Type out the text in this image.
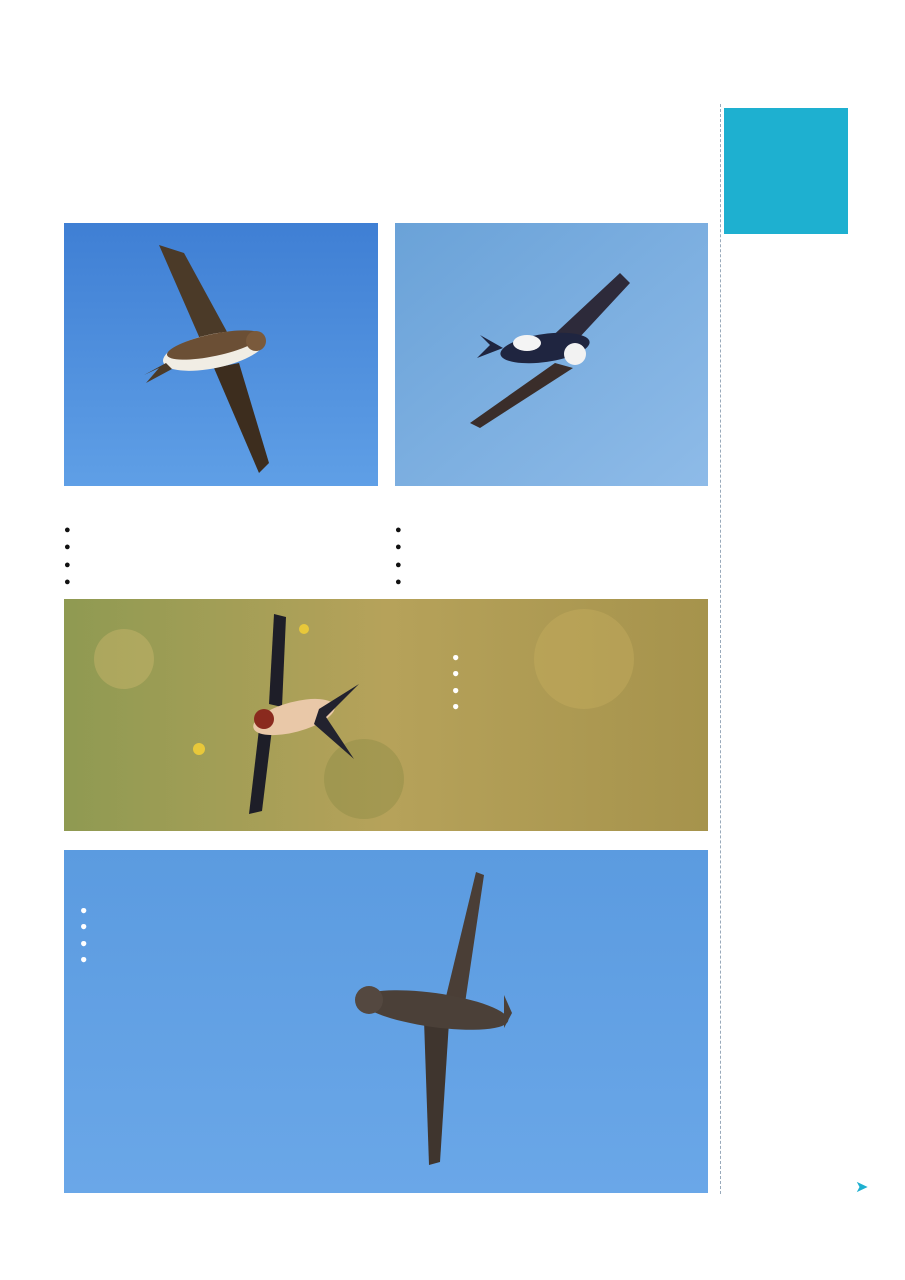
●
●
●
●
●
●
●
●
●
●
●
●
●
●
●
●

➤
